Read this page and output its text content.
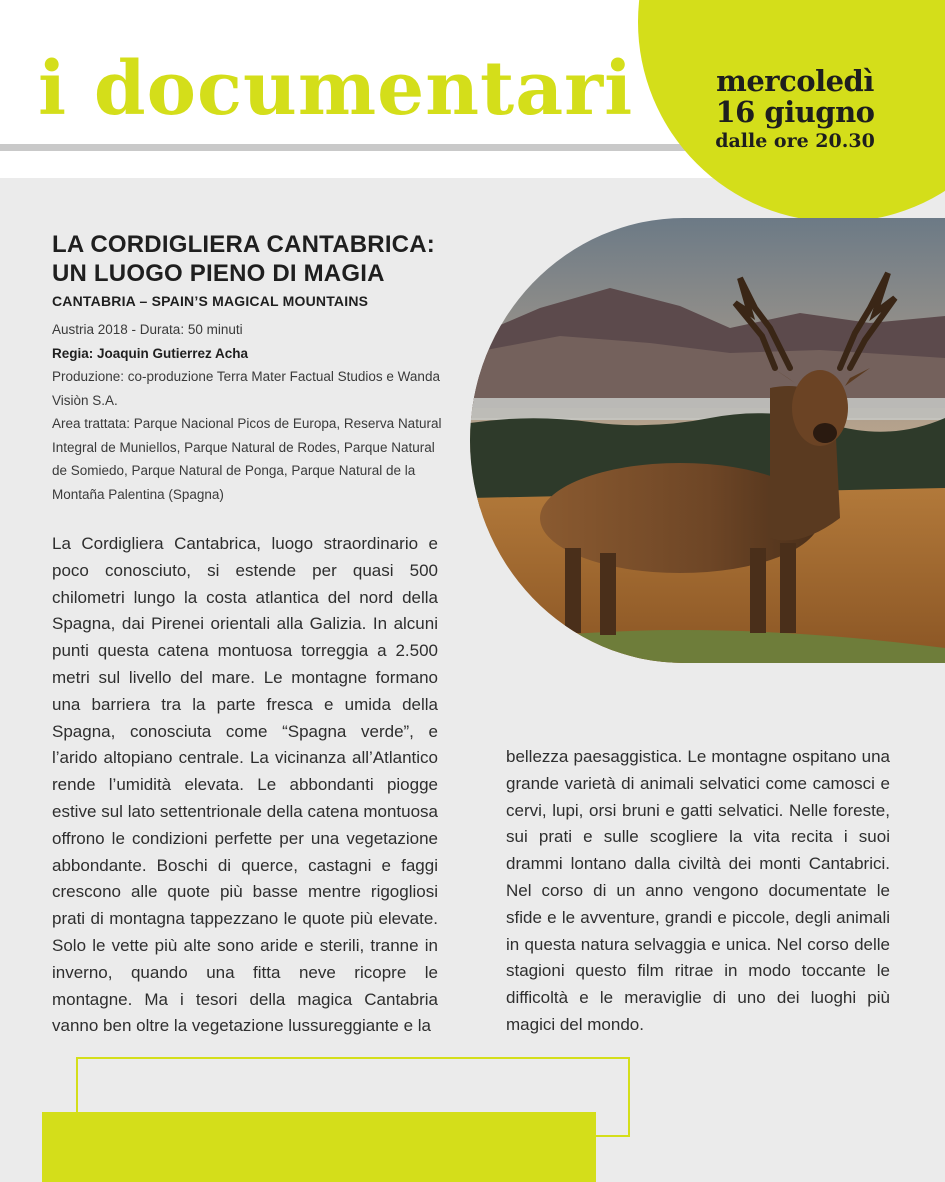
i documentari	mercoledì
16 giugno
dalle ore 20.30
LA CORDIGLIERA CANTABRICA:
UN LUOGO PIENO DI MAGIA

CANTABRIA – SPAIN’S MAGICAL MOUNTAINS

Austria 2018 - Durata: 50 minuti

Regia: Joaquin Gutierrez Acha

Produzione: co-produzione Terra Mater Factual Studios e Wanda Visiòn S.A.

Area trattata: Parque Nacional Picos de Europa, Reserva Natural Integral de Muniellos, Parque Natural de Rodes, Parque Natural de Somiedo, Parque Natural de Ponga, Parque Natural de la Montaña Palentina (Spagna)

La Cordigliera Cantabrica, luogo straordinario e poco conosciuto, si estende per quasi 500 chilometri lungo la costa atlantica del nord della Spagna, dai Pirenei orientali alla Galizia. In alcuni punti questa catena montuosa torreggia a 2.500 metri sul livello del mare. Le montagne formano una barriera tra la parte fresca e umida della Spagna, conosciuta come “Spagna verde”, e l’arido altopiano centrale. La vicinanza all’Atlantico rende l’umidità elevata. Le abbondanti piogge estive sul lato settentrionale della catena montuosa offrono le condizioni perfette per una vegetazione abbondante. Boschi di querce, castagni e faggi crescono alle quote più basse mentre rigogliosi prati di montagna tappezzano le quote più elevate. Solo le vette più alte sono aride e sterili, tranne in inverno, quando una fitta neve ricopre le montagne. Ma i tesori della magica Cantabria vanno ben oltre la vegetazione lussureggiante e la

bellezza paesaggistica. Le montagne ospitano una grande varietà di animali selvatici come camosci e cervi, lupi, orsi bruni e gatti selvatici. Nelle foreste, sui prati e sulle scogliere la vita recita i suoi drammi lontano dalla civiltà dei monti Cantabrici. Nel corso di un anno vengono documentate le sfide e le avventure, grandi e piccole, degli animali in questa natura selvaggia e unica. Nel corso delle stagioni questo film ritrae in modo toccante le difficoltà e le meraviglie di uno dei luoghi più magici del mondo.
